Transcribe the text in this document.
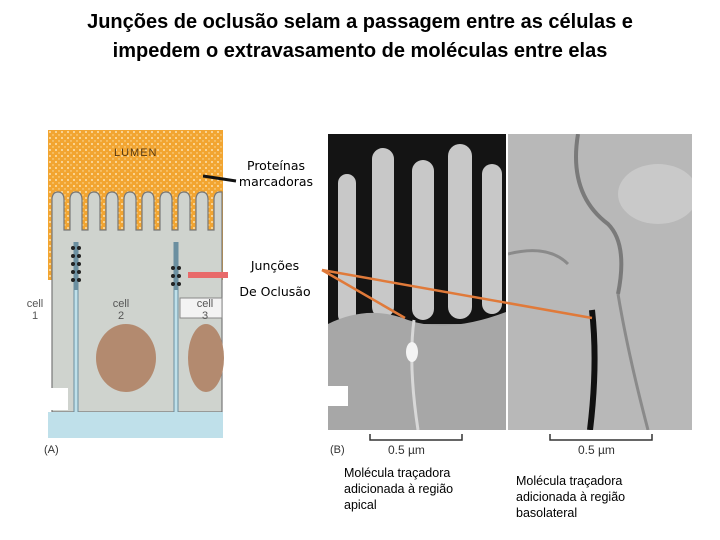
Junções de oclusão selam a passagem entre as células e
impedem o extravasamento de moléculas entre elas
LUMEN
cell
1
cell
2
cell
3
(A)	(B)	0.5 µm	0.5 µm
Proteínas marcadoras
Junções
De Oclusão
Molécula traçadora adicionada à região apical
Molécula traçadora adicionada à região basolateral
